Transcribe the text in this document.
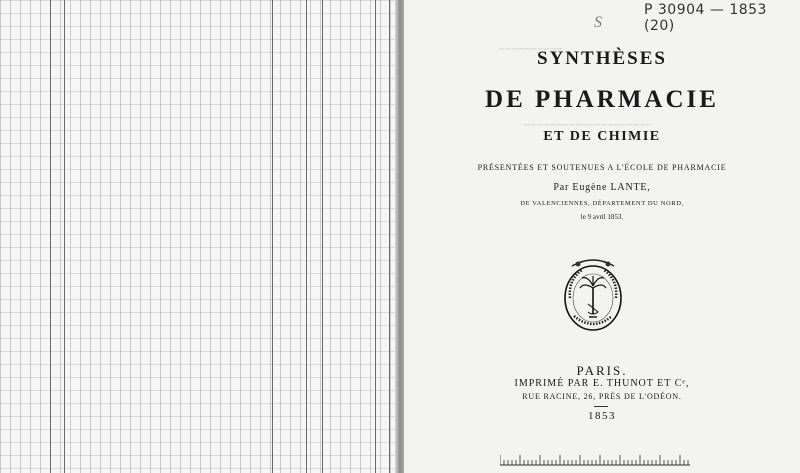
━━━━━━━━━━
━━━━━━━━━━━━━━━━━━━━
S
P 30904 — 1853 (20)
SYNTHÈSES
DE PHARMACIE
ET DE CHIMIE
PRÉSENTÉES ET SOUTENUES A L'ÉCOLE DE PHARMACIE
Par Eugène LANTE,
DE VALENCIENNES, DÉPARTEMENT DU NORD,
le 9 avril 1853.
PARIS.
IMPRIMÉ PAR E. THUNOT ET Cᵉ,
RUE RACINE, 26, PRÈS DE L'ODÉON.
1853
